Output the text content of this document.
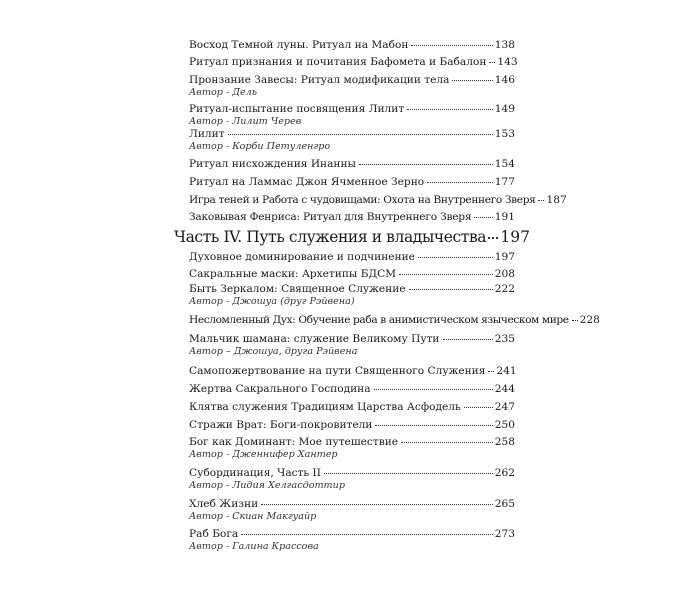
Восход Темной луны. Ритуал на Мабон	138
Ритуал признания и почитания Бафомета и Бабалон 143
Пронзание Завесы: Ритуал модификации тела	146
Автор - Дель
Ритуал-испытание посвящения Лилит	149
Автор - Лилит Черев
Лилит	153
Автор - Корби Петуленгро
Ритуал нисхождения Инанны	154
Ритуал на Ламмас Джон Ячменное Зерно	177
Игра теней и Работа с чудовищами: Охота на Внутреннего Зверя 187
Заковывая Фенриса: Ритуал для Внутреннего Зверя 191
Часть IV. Путь служения и владычества 197
Духовное доминирование и подчинение	197
Сакральные маски: Архетипы БДСМ	208
Быть Зеркалом: Священное Служение	222
Автор - Джошуа (друг Рэйвена)
Несломленный Дух: Обучение раба в анимистическом языческом мире 228
Мальчик шамана: служение Великому Пути	235
Автор – Джошуа, друга Рэйвена
Самопожертвование на пути Священного Служения 241
Жертва Сакрального Господина	244
Клятва служения Традициям Царства Асфодель	247
Стражи Врат: Боги-покровители	250
Бог как Доминант: Мое путешествие	258
Автор - Дженнифер Хантер
Субординация, Часть II	262
Автор - Лидия Хелгасдоттир
Хлеб Жизни	265
Автор - Скиан Макгуайр
Раб Бога	273
Автор - Галина Крассова
